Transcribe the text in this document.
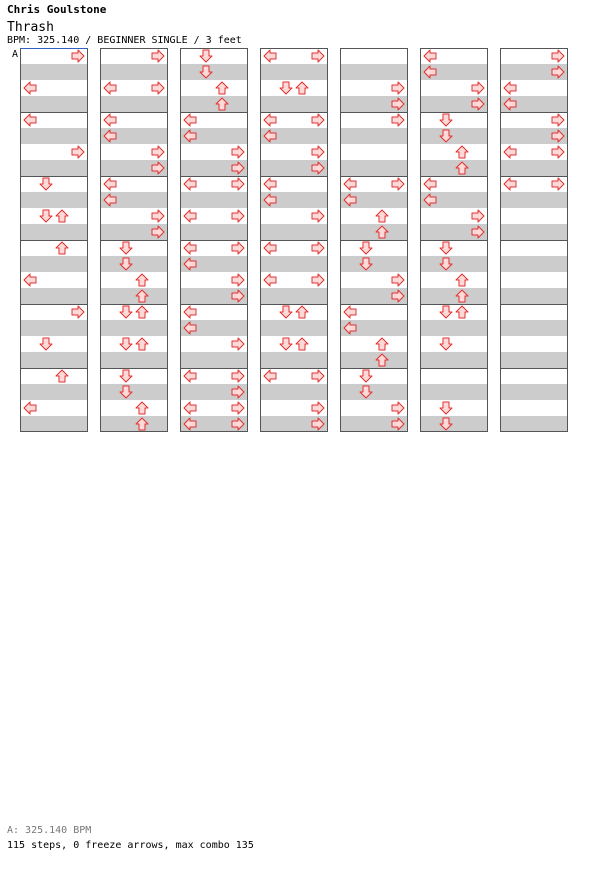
Chris Goulstone
Thrash
BPM: 325.140 / BEGINNER SINGLE / 3 feet
A
A: 325.140 BPM
115 steps, 0 freeze arrows, max combo 135
